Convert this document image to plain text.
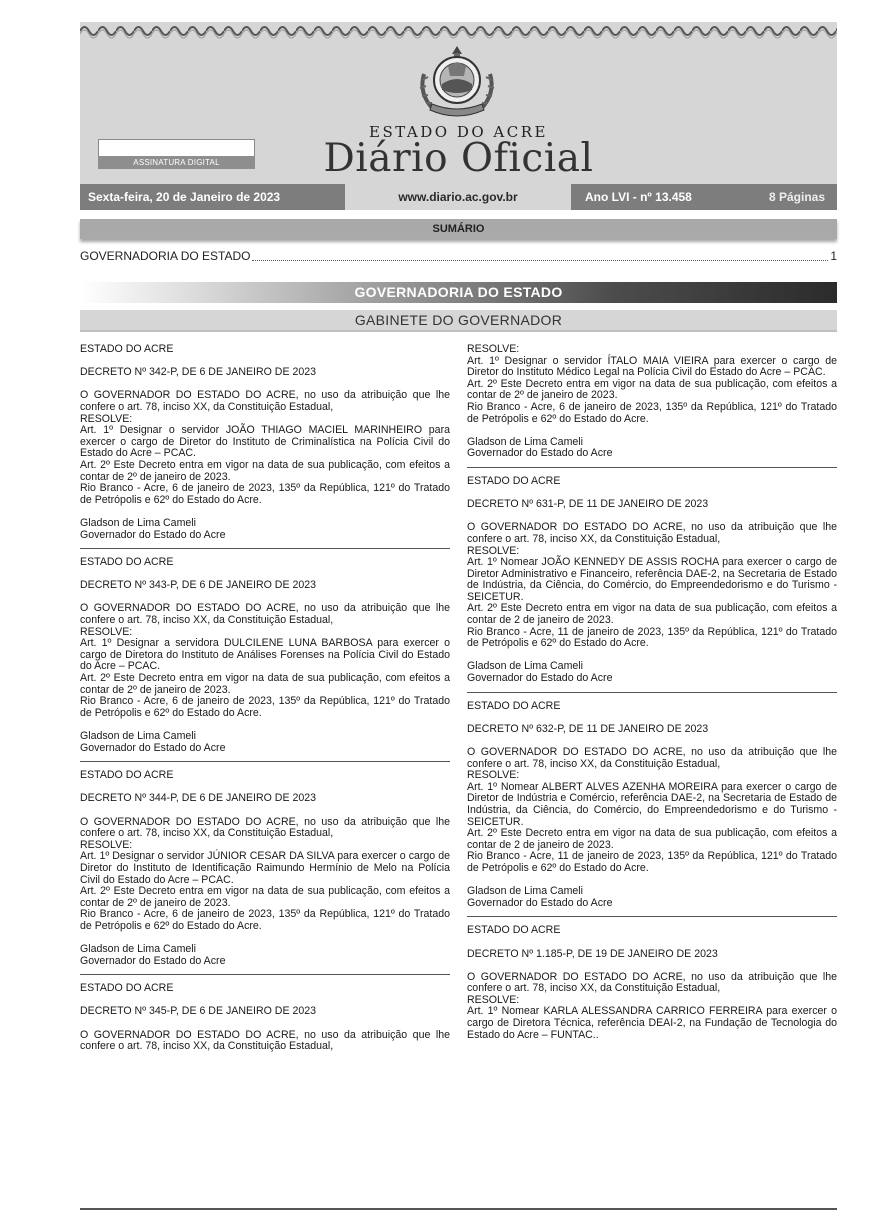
ASSINATURA DIGITAL
ESTADO DO ACRE
Diário Oficial
Sexta-feira, 20 de Janeiro de 2023	www.diario.ac.gov.br	Ano LVI - nº 13.458	8 Páginas
SUMÁRIO
GOVERNADORIA DO ESTADO	1
GOVERNADORIA DO ESTADO
GABINETE DO GOVERNADOR

ESTADO DO ACRE

DECRETO Nº 342-P, DE 6 DE JANEIRO DE 2023

O GOVERNADOR DO ESTADO DO ACRE, no uso da atribuição que lhe confere o art. 78, inciso XX, da Constituição Estadual,

RESOLVE:

Art. 1º Designar o servidor JOÃO THIAGO MACIEL MARINHEIRO para exercer o cargo de Diretor do Instituto de Criminalística na Polícia Civil do Estado do Acre – PCAC.

Art. 2º Este Decreto entra em vigor na data de sua publicação, com efeitos a contar de 2º de janeiro de 2023.

Rio Branco - Acre, 6 de janeiro de 2023, 135º da República, 121º do Tratado de Petrópolis e 62º do Estado do Acre.

Gladson de Lima Cameli

Governador do Estado do Acre

ESTADO DO ACRE

DECRETO Nº 343-P, DE 6 DE JANEIRO DE 2023

O GOVERNADOR DO ESTADO DO ACRE, no uso da atribuição que lhe confere o art. 78, inciso XX, da Constituição Estadual,

RESOLVE:

Art. 1º Designar a servidora DULCILENE LUNA BARBOSA para exercer o cargo de Diretora do Instituto de Análises Forenses na Polícia Civil do Estado do Acre – PCAC.

Art. 2º Este Decreto entra em vigor na data de sua publicação, com efeitos a contar de 2º de janeiro de 2023.

Rio Branco - Acre, 6 de janeiro de 2023, 135º da República, 121º do Tratado de Petrópolis e 62º do Estado do Acre.

Gladson de Lima Cameli

Governador do Estado do Acre

ESTADO DO ACRE

DECRETO Nº 344-P, DE 6 DE JANEIRO DE 2023

O GOVERNADOR DO ESTADO DO ACRE, no uso da atribuição que lhe confere o art. 78, inciso XX, da Constituição Estadual,

RESOLVE:

Art. 1º Designar o servidor JÚNIOR CESAR DA SILVA para exercer o cargo de Diretor do Instituto de Identificação Raimundo Hermínio de Melo na Polícia Civil do Estado do Acre – PCAC.

Art. 2º Este Decreto entra em vigor na data de sua publicação, com efeitos a contar de 2º de janeiro de 2023.

Rio Branco - Acre, 6 de janeiro de 2023, 135º da República, 121º do Tratado de Petrópolis e 62º do Estado do Acre.

Gladson de Lima Cameli

Governador do Estado do Acre

ESTADO DO ACRE

DECRETO Nº 345-P, DE 6 DE JANEIRO DE 2023

O GOVERNADOR DO ESTADO DO ACRE, no uso da atribuição que lhe confere o art. 78, inciso XX, da Constituição Estadual,

RESOLVE:

Art. 1º Designar o servidor ÍTALO MAIA VIEIRA para exercer o cargo de Diretor do Instituto Médico Legal na Polícia Civil do Estado do Acre – PCAC.

Art. 2º Este Decreto entra em vigor na data de sua publicação, com efeitos a contar de 2º de janeiro de 2023.

Rio Branco - Acre, 6 de janeiro de 2023, 135º da República, 121º do Tratado de Petrópolis e 62º do Estado do Acre.

Gladson de Lima Cameli

Governador do Estado do Acre

ESTADO DO ACRE

DECRETO Nº 631-P, DE 11 DE JANEIRO DE 2023

O GOVERNADOR DO ESTADO DO ACRE, no uso da atribuição que lhe confere o art. 78, inciso XX, da Constituição Estadual,

RESOLVE:

Art. 1º Nomear JOÃO KENNEDY DE ASSIS ROCHA para exercer o cargo de Diretor Administrativo e Financeiro, referência DAE-2, na Secretaria de Estado de Indústria, da Ciência, do Comércio, do Empreendedorismo e do Turismo - SEICETUR.

Art. 2º Este Decreto entra em vigor na data de sua publicação, com efeitos a contar de 2 de janeiro de 2023.

Rio Branco - Acre, 11 de janeiro de 2023, 135º da República, 121º do Tratado de Petrópolis e 62º do Estado do Acre.

Gladson de Lima Cameli

Governador do Estado do Acre

ESTADO DO ACRE

DECRETO Nº 632-P, DE 11 DE JANEIRO DE 2023

O GOVERNADOR DO ESTADO DO ACRE, no uso da atribuição que lhe confere o art. 78, inciso XX, da Constituição Estadual,

RESOLVE:

Art. 1º Nomear ALBERT ALVES AZENHA MOREIRA para exercer o cargo de Diretor de Indústria e Comércio, referência DAE-2, na Secretaria de Estado de Indústria, da Ciência, do Comércio, do Empreendedorismo e do Turismo - SEICETUR.

Art. 2º Este Decreto entra em vigor na data de sua publicação, com efeitos a contar de 2 de janeiro de 2023.

Rio Branco - Acre, 11 de janeiro de 2023, 135º da República, 121º do Tratado de Petrópolis e 62º do Estado do Acre.

Gladson de Lima Cameli

Governador do Estado do Acre

ESTADO DO ACRE

DECRETO Nº 1.185-P, DE 19 DE JANEIRO DE 2023

O GOVERNADOR DO ESTADO DO ACRE, no uso da atribuição que lhe confere o art. 78, inciso XX, da Constituição Estadual,

RESOLVE:

Art. 1º Nomear KARLA ALESSANDRA CARRICO FERREIRA para exercer o cargo de Diretora Técnica, referência DEAI-2, na Fundação de Tecnologia do Estado do Acre – FUNTAC..
